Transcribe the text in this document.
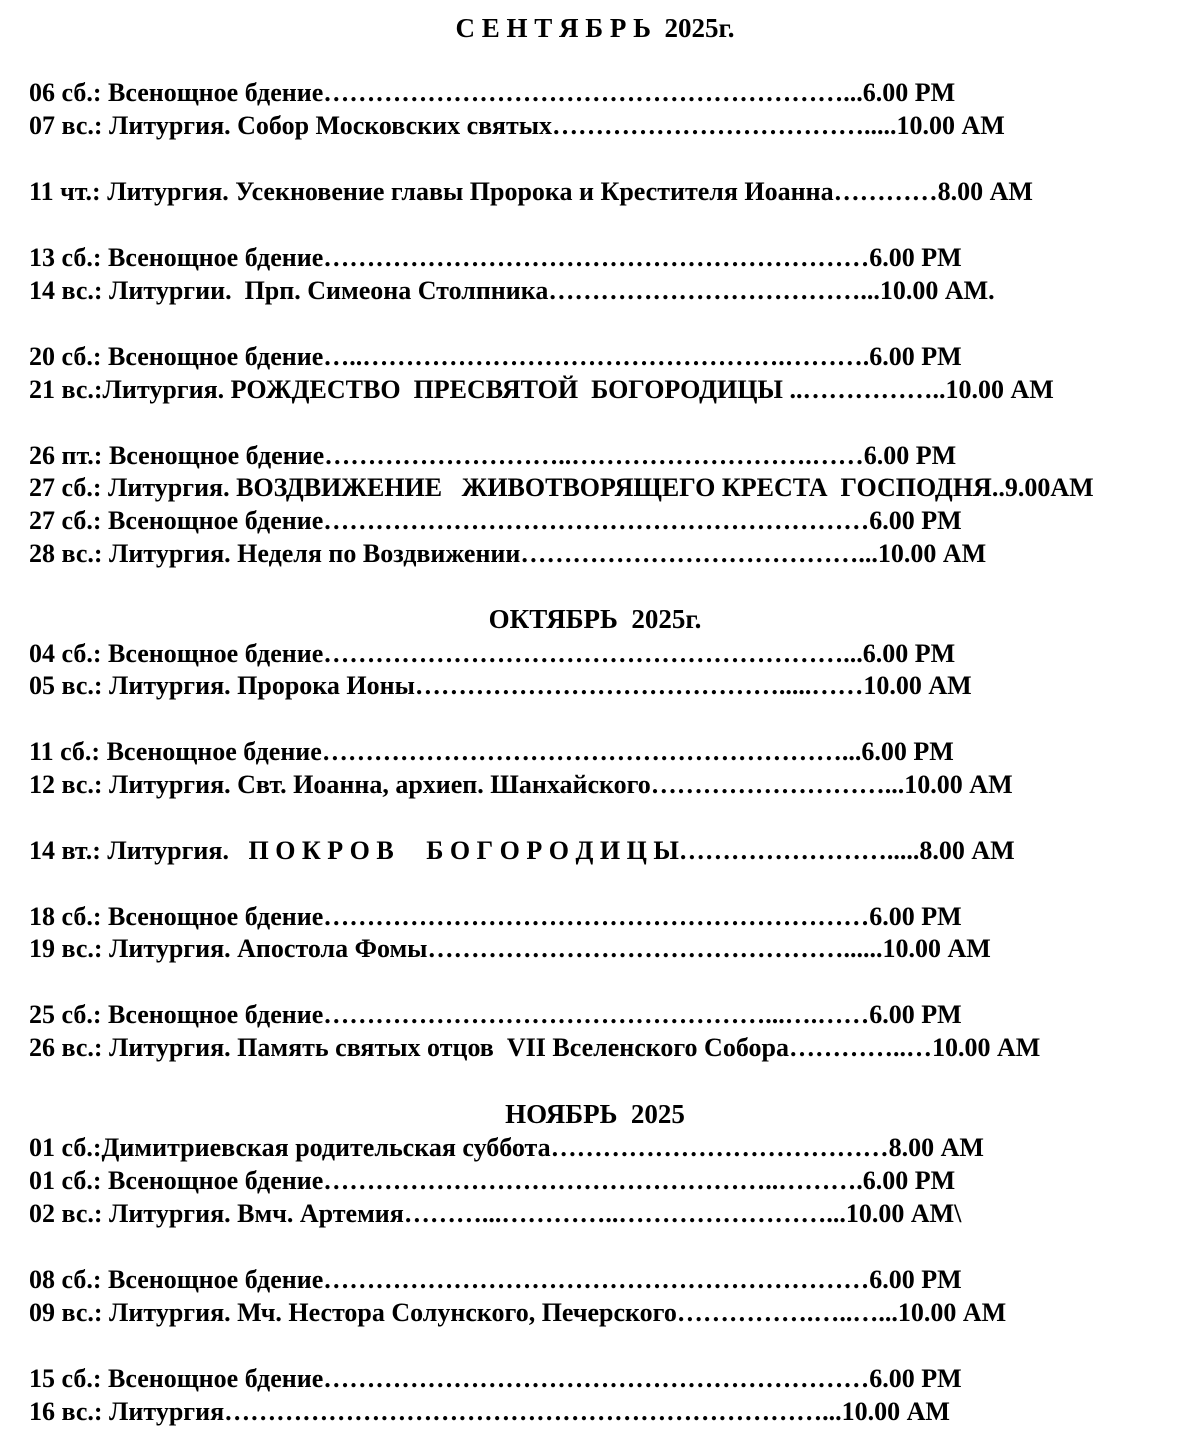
С Е Н Т Я Б Р Ь  2025г.
06 сб.: Всенощное бдение……………………………………………………...6.00 PM
07 вс.: Литургия. Собор Московских святых……………………………….....10.00 AM
11 чт.: Литургия. Усекновение главы Пророка и Крестителя Иоанна…………8.00 AM
13 сб.: Всенощное бдение………………………………………………………6.00 PM
14 вс.: Литургии.  Прп. Симеона Столпника………………………………...10.00 AM.
20 сб.: Всенощное бдение…..………………………………………….……….6.00 PM
21 вс.:Литургия. РОЖДЕСТВО  ПРЕСВЯТОЙ  БОГОРОДИЦЫ ..……………..10.00 AM
26 пт.: Всенощное бдение………………………..……………………….……6.00 PM
27 сб.: Литургия. ВОЗДВИЖЕНИЕ   ЖИВОТВОРЯЩЕГО КРЕСТА  ГОСПОДНЯ..9.00AM
27 сб.: Всенощное бдение………………………………………………………6.00 PM
28 вс.: Литургия. Неделя по Воздвижении…………………………………...10.00 AM
ОКТЯБРЬ  2025г.
04 сб.: Всенощное бдение……………………………………………………...6.00 PM
05 вс.: Литургия. Пророка Ионы…………………………………….....……10.00 AM
11 сб.: Всенощное бдение……………………………………………………...6.00 PM
12 вс.: Литургия. Свт. Иоанна, архиеп. Шанхайского………………………...10.00 AM
14 вт.: Литургия.   П О К Р О В     Б О Г О Р О Д И Ц Ы…………………….....8.00 AM
18 сб.: Всенощное бдение………………………………………………………6.00 PM
19 вс.: Литургия. Апостола Фомы…………………………………………......10.00 AM
25 сб.: Всенощное бдение……………………………………………...….……6.00 PM
26 вс.: Литургия. Память святых отцов  VII Вселенского Собора…………..…10.00 AM
НОЯБРЬ  2025
01 сб.:Димитриевская родительская суббота…………………………………8.00 AM
01 сб.: Всенощное бдение……………………………………………..……….6.00 PM
02 вс.: Литургия. Вмч. Артемия………...…………..……………………...10.00 AM\
08 сб.: Всенощное бдение………………………………………………………6.00 PM
09 вс.: Литургия. Мч. Нестора Солунского, Печерского…………….…..…...10.00 AM
15 сб.: Всенощное бдение………………………………………………………6.00 PM
16 вс.: Литургия……………………………………………………………...10.00 AM
